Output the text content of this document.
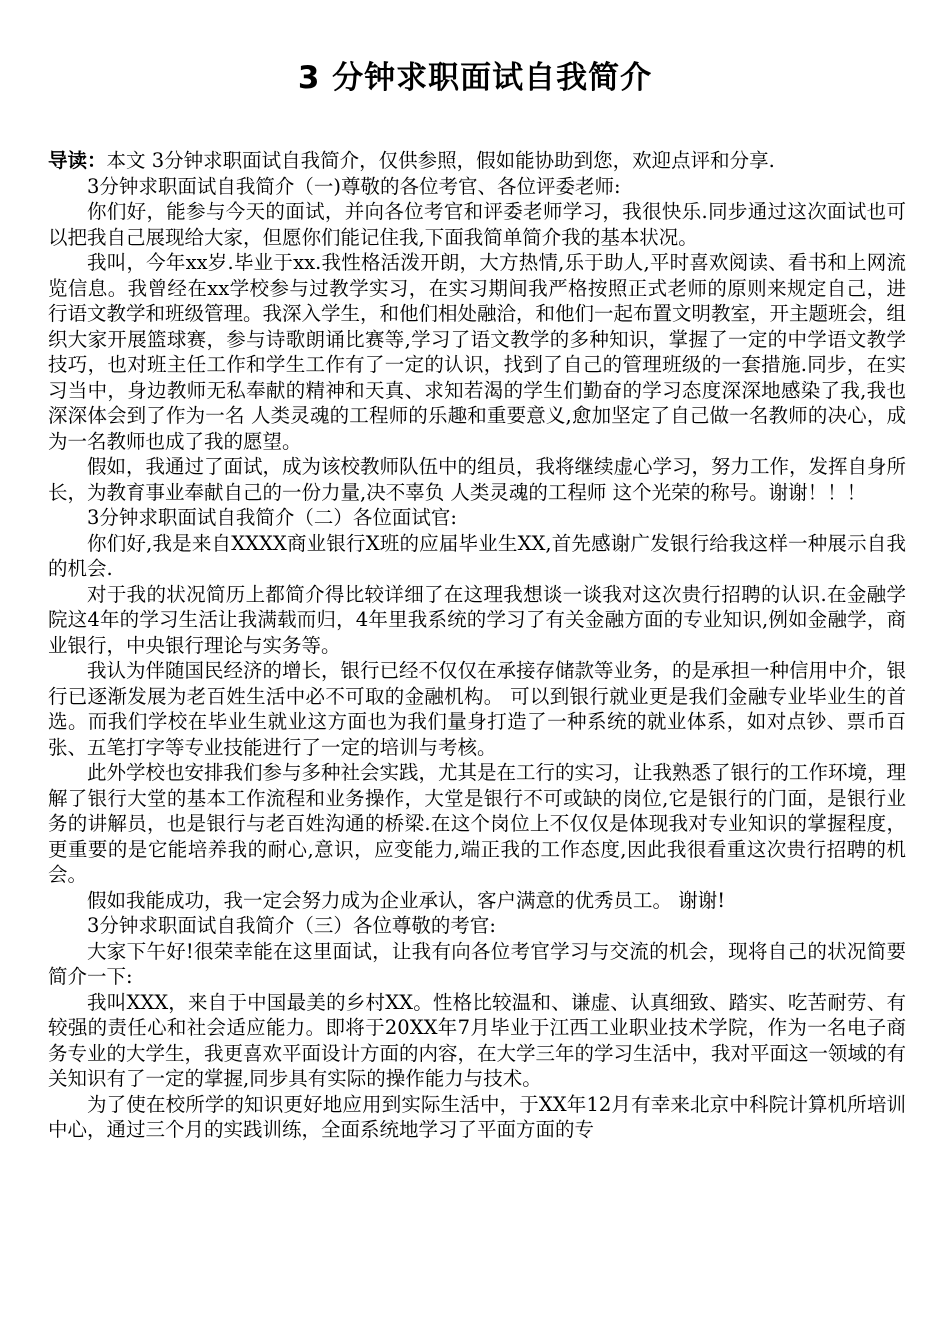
3 分钟求职面试自我简介

导读：本文 3分钟求职面试自我简介，仅供参照，假如能协助到您，欢迎点评和分享.

3分钟求职面试自我简介（一)尊敬的各位考官、各位评委老师:

你们好，能参与今天的面试，并向各位考官和评委老师学习，我很快乐.同步通过这次面试也可以把我自己展现给大家，但愿你们能记住我,下面我简单简介我的基本状况。

我叫，今年xx岁.毕业于xx.我性格活泼开朗，大方热情,乐于助人,平时喜欢阅读、看书和上网流览信息。我曾经在xx学校参与过教学实习，在实习期间我严格按照正式老师的原则来规定自己，进行语文教学和班级管理。我深入学生，和他们相处融洽，和他们一起布置文明教室，开主题班会，组织大家开展篮球赛，参与诗歌朗诵比赛等,学习了语文教学的多种知识，掌握了一定的中学语文教学技巧，也对班主任工作和学生工作有了一定的认识，找到了自己的管理班级的一套措施.同步，在实习当中，身边教师无私奉献的精神和天真、求知若渴的学生们勤奋的学习态度深深地感染了我,我也深深体会到了作为一名 人类灵魂的工程师的乐趣和重要意义,愈加坚定了自己做一名教师的决心，成为一名教师也成了我的愿望。

假如，我通过了面试，成为该校教师队伍中的组员，我将继续虚心学习，努力工作，发挥自身所长，为教育事业奉献自己的一份力量,决不辜负 人类灵魂的工程师 这个光荣的称号。谢谢！！！

3分钟求职面试自我简介（二）各位面试官:

你们好,我是来自XXXX商业银行X班的应届毕业生XX,首先感谢广发银行给我这样一种展示自我的机会.

对于我的状况简历上都简介得比较详细了在这理我想谈一谈我对这次贵行招聘的认识.在金融学院这4年的学习生活让我满载而归，4年里我系统的学习了有关金融方面的专业知识,例如金融学，商业银行，中央银行理论与实务等。

我认为伴随国民经济的增长，银行已经不仅仅在承接存储款等业务，的是承担一种信用中介，银行已逐渐发展为老百姓生活中必不可取的金融机构。 可以到银行就业更是我们金融专业毕业生的首选。而我们学校在毕业生就业这方面也为我们量身打造了一种系统的就业体系，如对点钞、票币百张、五笔打字等专业技能进行了一定的培训与考核。

此外学校也安排我们参与多种社会实践，尤其是在工行的实习，让我熟悉了银行的工作环境，理解了银行大堂的基本工作流程和业务操作，大堂是银行不可或缺的岗位,它是银行的门面，是银行业务的讲解员，也是银行与老百姓沟通的桥梁.在这个岗位上不仅仅是体现我对专业知识的掌握程度，更重要的是它能培养我的耐心,意识，应变能力,端正我的工作态度,因此我很看重这次贵行招聘的机会。

假如我能成功，我一定会努力成为企业承认，客户满意的优秀员工。 谢谢!

3分钟求职面试自我简介（三）各位尊敬的考官:

大家下午好!很荣幸能在这里面试，让我有向各位考官学习与交流的机会，现将自己的状况简要简介一下:

我叫XXX，来自于中国最美的乡村XX。性格比较温和、谦虚、认真细致、踏实、吃苦耐劳、有较强的责任心和社会适应能力。即将于20XX年7月毕业于江西工业职业技术学院，作为一名电子商务专业的大学生，我更喜欢平面设计方面的内容，在大学三年的学习生活中，我对平面这一领域的有关知识有了一定的掌握,同步具有实际的操作能力与技术。

为了使在校所学的知识更好地应用到实际生活中，于XX年12月有幸来北京中科院计算机所培训中心，通过三个月的实践训练，全面系统地学习了平面方面的专
